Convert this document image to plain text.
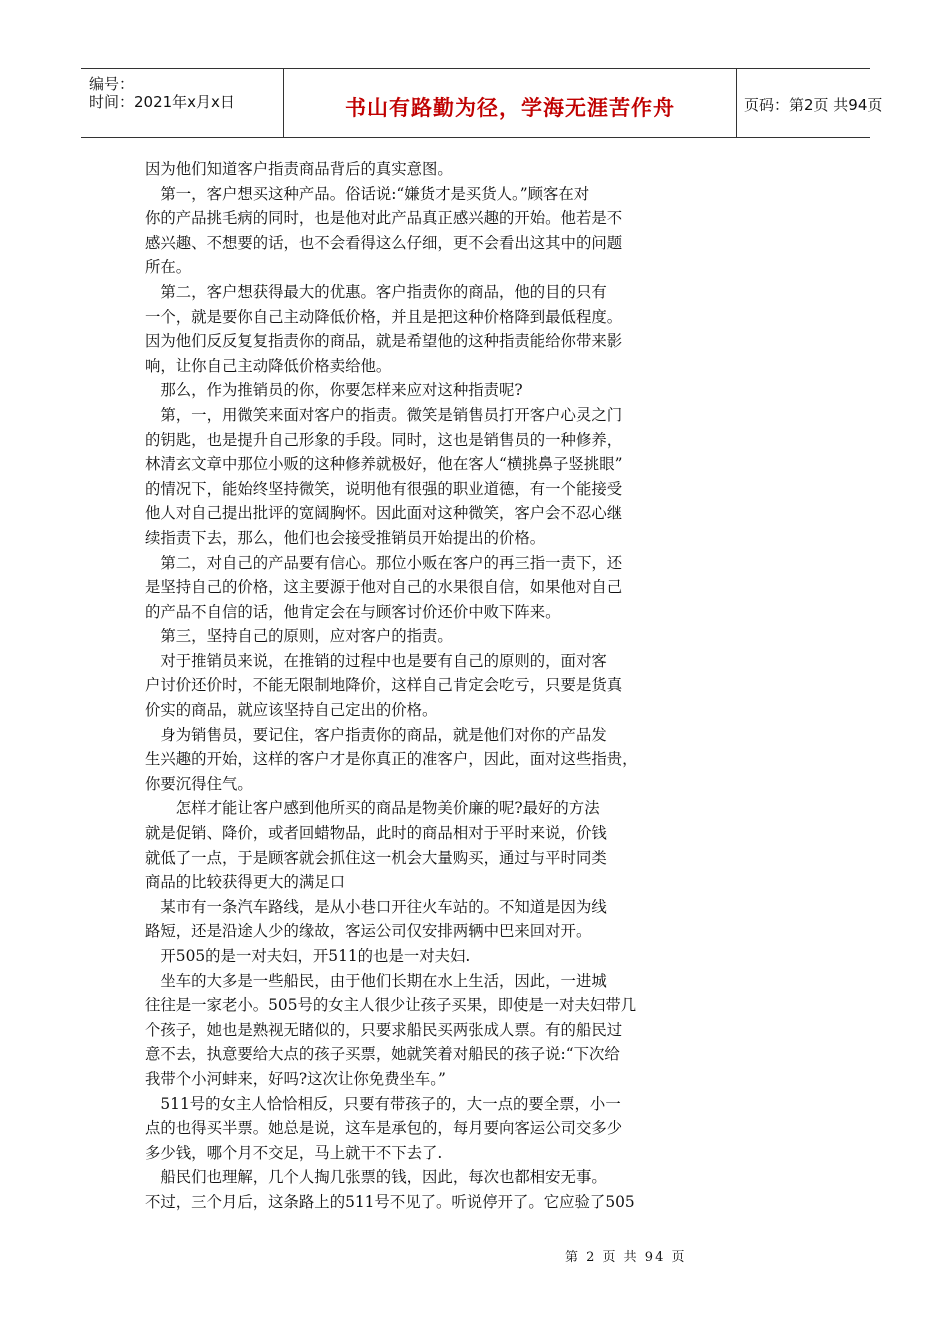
编号：
时间：2021年x月x日	书山有路勤为径，学海无涯苦作舟	页码：第2页 共94页

因为他们知道客户指责商品背后的真实意图。

　第一，客户想买这种产品。俗话说:“嫌货才是买货人。”顾客在对

你的产品挑毛病的同时，也是他对此产品真正感兴趣的开始。他若是不

感兴趣、不想要的话，也不会看得这么仔细，更不会看出这其中的问题

所在。

　第二，客户想获得最大的优惠。客户指责你的商品，他的目的只有

一个，就是要你自己主动降低价格，并且是把这种价格降到最低程度。

因为他们反反复复指责你的商品，就是希望他的这种指责能给你带来影

响，让你自己主动降低价格卖给他。

　那么，作为推销员的你，你要怎样来应对这种指责呢?

　第，一，用微笑来面对客户的指责。微笑是销售员打开客户心灵之门

的钥匙，也是提升自己形象的手段。同时，这也是销售员的一种修养，

林清玄文章中那位小贩的这种修养就极好，他在客人“横挑鼻子竖挑眼”

的情况下，能始终坚持微笑，说明他有很强的职业道德，有一个能接受

他人对自己提出批评的宽阔胸怀。因此面对这种微笑，客户会不忍心继

续指责下去，那么，他们也会接受推销员开始提出的价格。

　第二，对自己的产品要有信心。那位小贩在客户的再三指一责下，还

是坚持自己的价格，这主要源于他对自己的水果很自信，如果他对自己

的产品不自信的话，他肯定会在与顾客讨价还价中败下阵来。

　第三，坚持自己的原则，应对客户的指责。

　对于推销员来说，在推销的过程中也是要有自己的原则的，面对客

户讨价还价时，不能无限制地降价，这样自己肯定会吃亏，只要是货真

价实的商品，就应该坚持自己定出的价格。

　身为销售员，要记住，客户指责你的商品，就是他们对你的产品发

生兴趣的开始，这样的客户才是你真正的准客户，因此，面对这些指贵，

你要沉得住气。

　　怎样才能让客户感到他所买的商品是物美价廉的呢?最好的方法

就是促销、降价，或者回蜡物品，此时的商品相对于平时来说，价钱

就低了一点，于是顾客就会抓住这一机会大量购买，通过与平时同类

商品的比较获得更大的满足口

　某市有一条汽车路线，是从小巷口开往火车站的。不知道是因为线

路短，还是沿途人少的缘故，客运公司仅安排两辆中巴来回对开。

　开505的是一对夫妇，开511的也是一对夫妇.

　坐车的大多是一些船民，由于他们长期在水上生活，因此，一进城

往往是一家老小。505号的女主人很少让孩子买果，即使是一对夫妇带几

个孩子，她也是熟视无睹似的，只要求船民买两张成人票。有的船民过

意不去，执意要给大点的孩子买票，她就笑着对船民的孩子说:“下次给

我带个小河蚌来，好吗?这次让你免费坐车。”

　511号的女主人恰恰相反，只要有带孩子的，大一点的要全票，小一

点的也得买半票。她总是说，这车是承包的，每月要向客运公司交多少

多少钱，哪个月不交足，马上就干不下去了.

　船民们也理解，几个人掏几张票的钱，因此，每次也都相安无事。

不过，三个月后，这条路上的511号不见了。听说停开了。它应验了505

第 2 页 共 94 页
